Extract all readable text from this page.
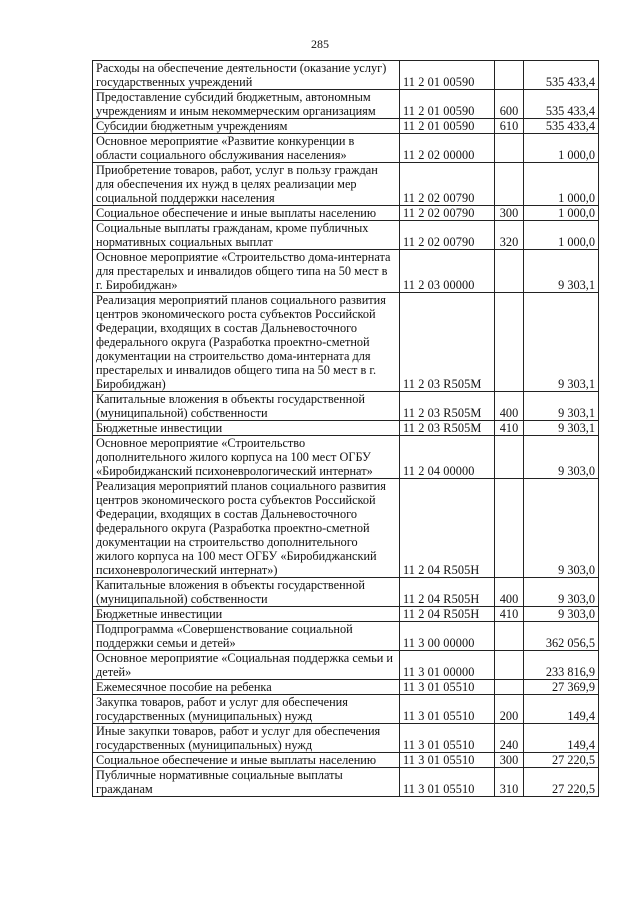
285
Расходы на обеспечение деятельности (оказание услуг) государственных учреждений	11 2 01 00590		535 433,4
Предоставление субсидий бюджетным, автономным учреждениям и иным некоммерческим организациям	11 2 01 00590	600	535 433,4
Субсидии бюджетным учреждениям	11 2 01 00590	610	535 433,4
Основное мероприятие «Развитие конкуренции в области социального обслуживания населения»	11 2 02 00000		1 000,0
Приобретение товаров, работ, услуг в пользу граждан для обеспечения их нужд в целях реализации мер социальной поддержки населения	11 2 02 00790		1 000,0
Социальное обеспечение и иные выплаты населению	11 2 02 00790	300	1 000,0
Социальные выплаты гражданам, кроме публичных нормативных социальных выплат	11 2 02 00790	320	1 000,0
Основное мероприятие «Строительство дома-интерната для престарелых и инвалидов общего типа на 50 мест в г. Биробиджан»	11 2 03 00000		9 303,1
Реализация мероприятий планов социального развития центров экономического роста субъектов Российской Федерации, входящих в состав Дальневосточного федерального округа (Разработка проектно-сметной документации на строительство дома-интерната для престарелых и инвалидов общего типа на 50 мест в г. Биробиджан)	11 2 03 R505M		9 303,1
Капитальные вложения в объекты государственной (муниципальной) собственности	11 2 03 R505M	400	9 303,1
Бюджетные инвестиции	11 2 03 R505M	410	9 303,1
Основное мероприятие «Строительство дополнительного жилого корпуса на 100 мест ОГБУ «Биробиджанский психоневрологический интернат»	11 2 04 00000		9 303,0
Реализация мероприятий планов социального развития центров экономического роста субъектов Российской Федерации, входящих в состав Дальневосточного федерального округа (Разработка проектно-сметной документации на строительство дополнительного жилого корпуса на 100 мест ОГБУ «Биробиджанский психоневрологический интернат»)	11 2 04 R505H		9 303,0
Капитальные вложения в объекты государственной (муниципальной) собственности	11 2 04 R505H	400	9 303,0
Бюджетные инвестиции	11 2 04 R505H	410	9 303,0
Подпрограмма «Совершенствование социальной поддержки семьи и детей»	11 3 00 00000		362 056,5
Основное мероприятие «Социальная поддержка семьи и детей»	11 3 01 00000		233 816,9
Ежемесячное пособие на ребенка	11 3 01 05510		27 369,9
Закупка товаров, работ и услуг для обеспечения государственных (муниципальных) нужд	11 3 01 05510	200	149,4
Иные закупки товаров, работ и услуг для обеспечения государственных (муниципальных) нужд	11 3 01 05510	240	149,4
Социальное обеспечение и иные выплаты населению	11 3 01 05510	300	27 220,5
Публичные нормативные социальные выплаты гражданам	11 3 01 05510	310	27 220,5
